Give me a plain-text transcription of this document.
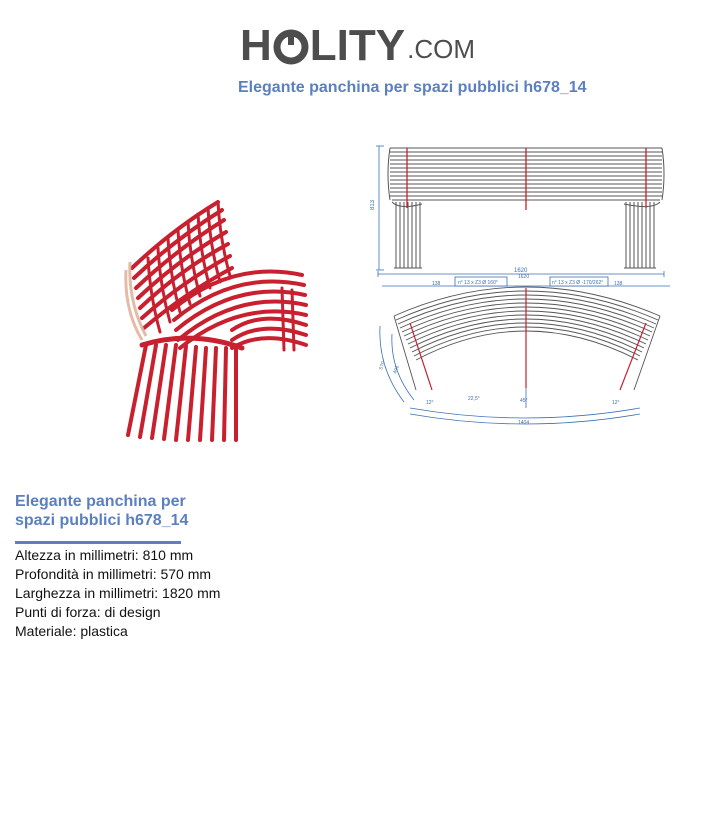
H LITY .COM
Elegante panchina per spazi pubblici h678_14
813
1620
n° 13 x Z3 Ø 160°	n° 13 x Z3 Ø -170/262°
138	138
1620
570 496
12°
22,5°	45°	12°
1404
Elegante panchina per
spazi pubblici h678_14
Altezza in millimetri: 810 mm
Profondità in millimetri: 570 mm
Larghezza in millimetri: 1820 mm
Punti di forza: di design
Materiale: plastica
